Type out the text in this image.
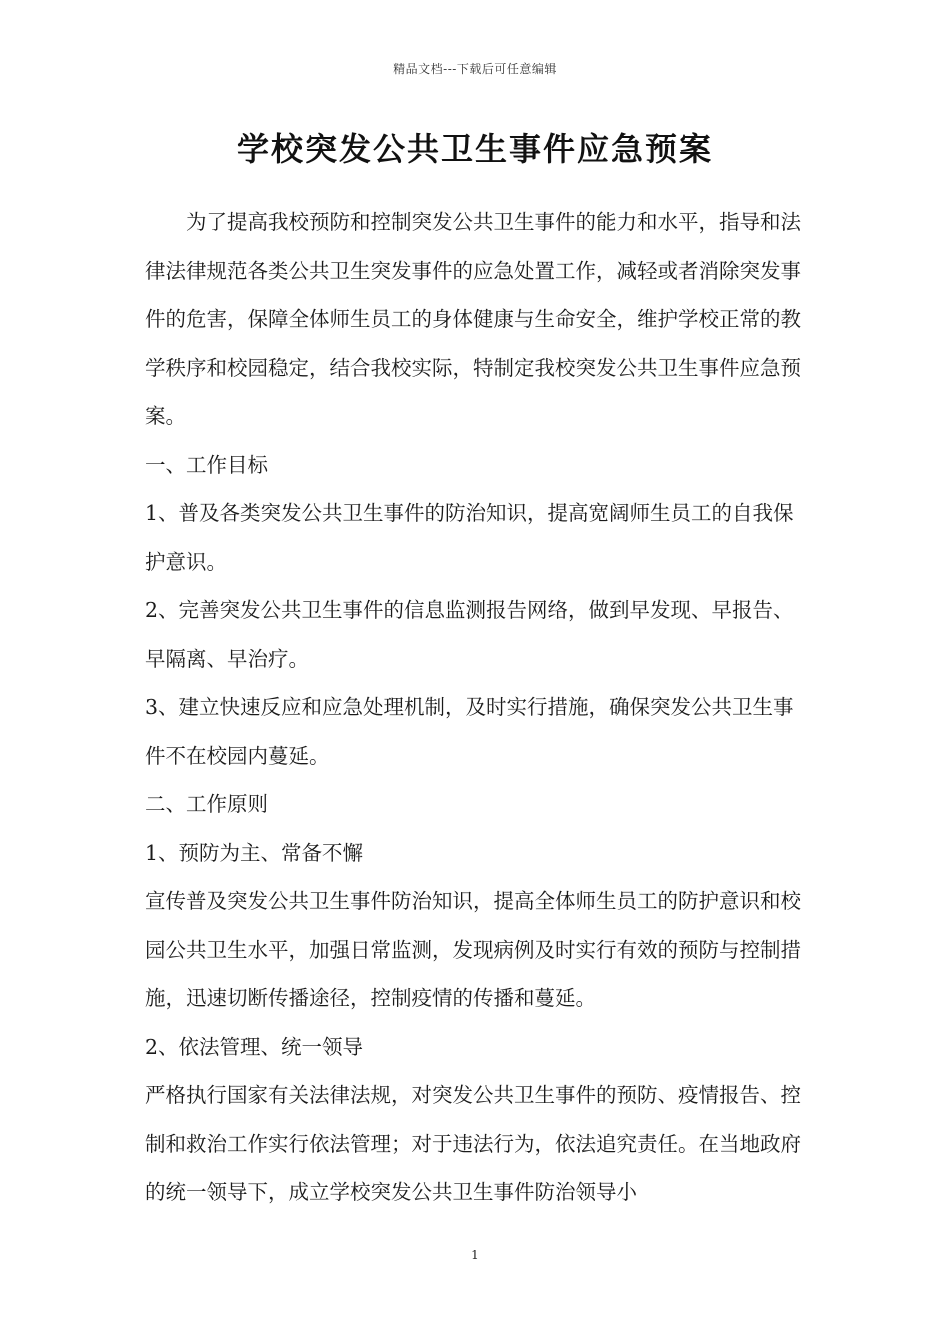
精品文档---下载后可任意编辑
学校突发公共卫生事件应急预案

为了提高我校预防和控制突发公共卫生事件的能力和水平，指导和法律法律规范各类公共卫生突发事件的应急处置工作，减轻或者消除突发事件的危害，保障全体师生员工的身体健康与生命安全，维护学校正常的教学秩序和校园稳定，结合我校实际，特制定我校突发公共卫生事件应急预案。

一、工作目标

1、普及各类突发公共卫生事件的防治知识，提高宽阔师生员工的自我保护意识。

2、完善突发公共卫生事件的信息监测报告网络，做到早发现、早报告、早隔离、早治疗。

3、建立快速反应和应急处理机制，及时实行措施，确保突发公共卫生事件不在校园内蔓延。

二、工作原则

1、预防为主、常备不懈

宣传普及突发公共卫生事件防治知识，提高全体师生员工的防护意识和校园公共卫生水平，加强日常监测，发现病例及时实行有效的预防与控制措施，迅速切断传播途径，控制疫情的传播和蔓延。

2、依法管理、统一领导

严格执行国家有关法律法规，对突发公共卫生事件的预防、疫情报告、控制和救治工作实行依法管理；对于违法行为，依法追究责任。在当地政府的统一领导下，成立学校突发公共卫生事件防治领导小

1
